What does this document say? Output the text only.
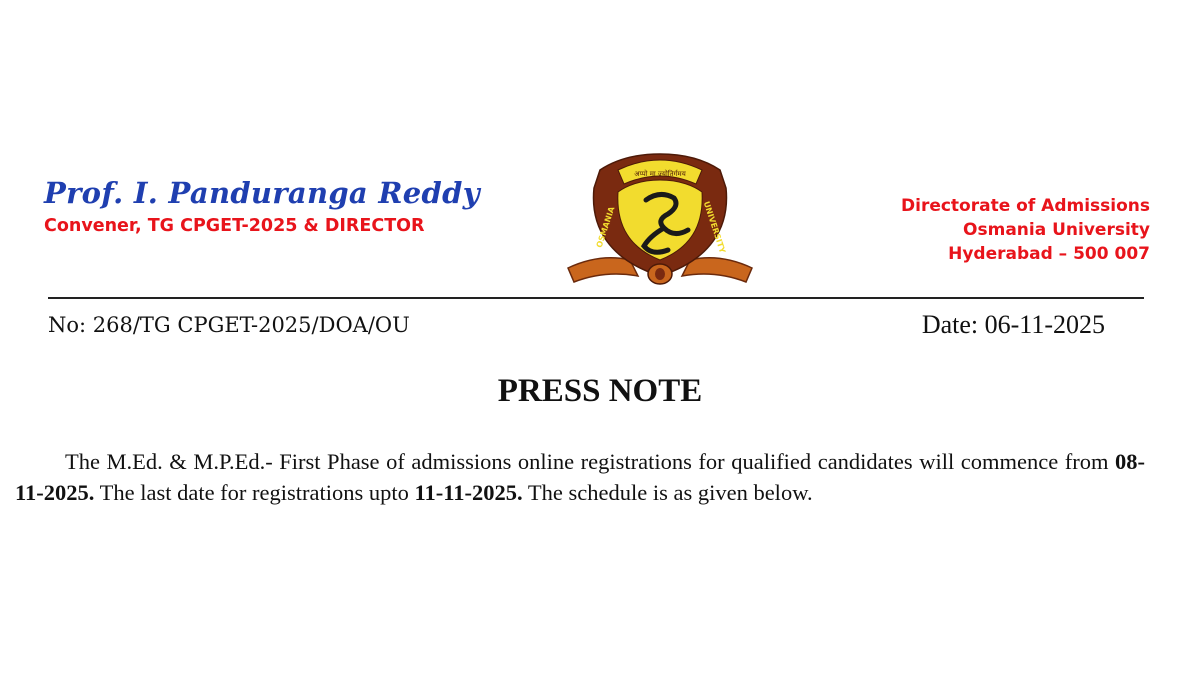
Prof. I. Panduranga Reddy
Convener, TG CPGET-2025 & DIRECTOR
अप्पो मा ज्योतिर्गमय
OSMANIA	UNIVERSITY	Directorate of Admissions
Osmania University
Hyderabad – 500 007
No: 268/TG CPGET-2025/DOA/OU	Date: 06-11-2025
PRESS NOTE
The M.Ed. & M.P.Ed.- First Phase of admissions online registrations for qualified candidates will commence from 08-11-2025. The last date for registrations upto 11-11-2025. The schedule is as given below.
